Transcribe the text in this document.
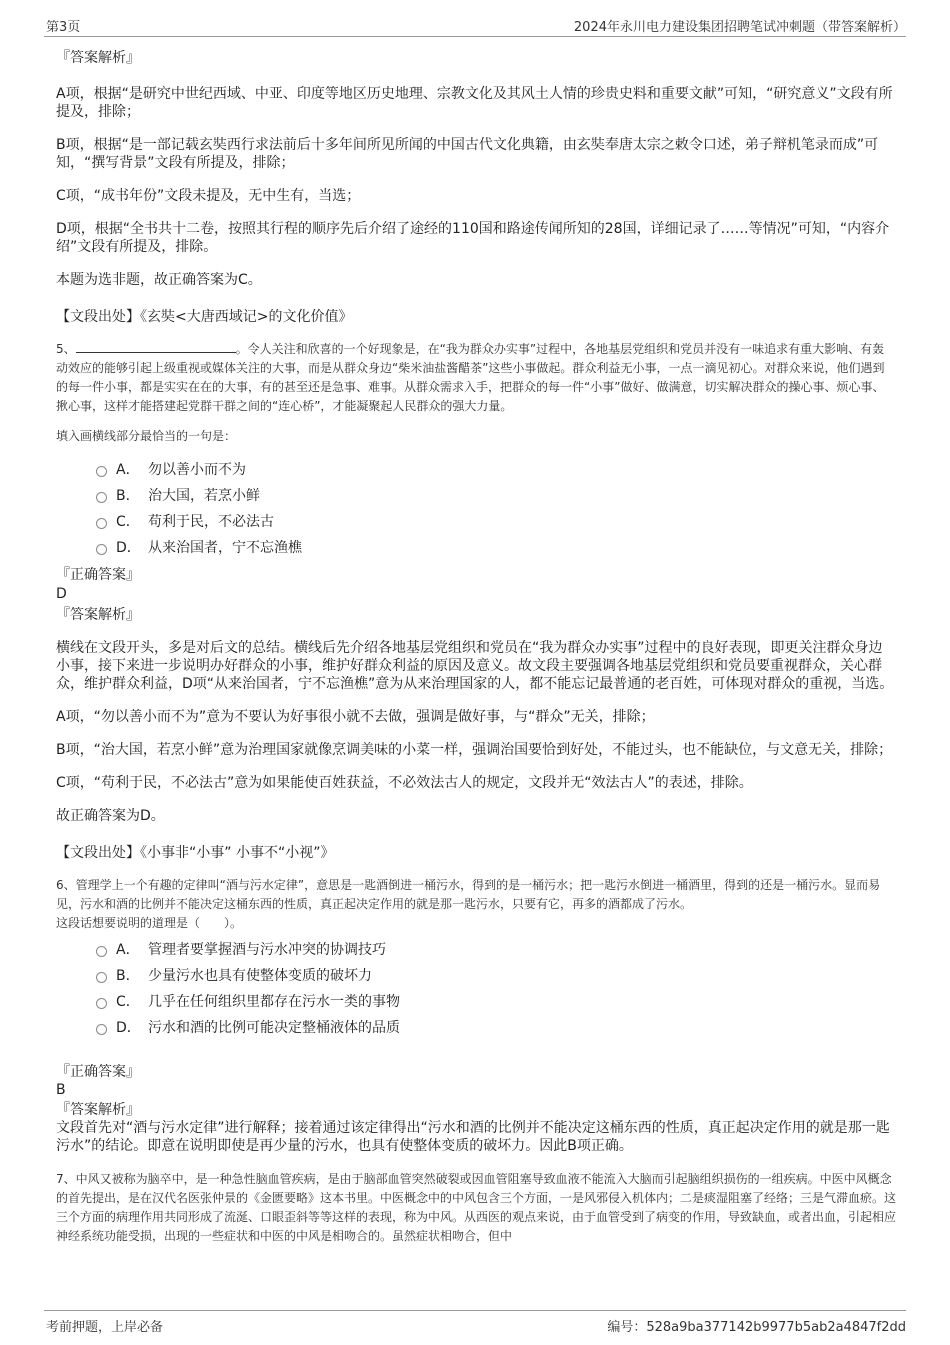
第3页	2024年永川电力建设集团招聘笔试冲刺题（带答案解析）

『答案解析』

A项，根据“是研究中世纪西域、中亚、印度等地区历史地理、宗教文化及其风土人情的珍贵史料和重要文献”可知，“研究意义”文段有所提及，排除；

B项，根据“是一部记载玄奘西行求法前后十多年间所见所闻的中国古代文化典籍，由玄奘奉唐太宗之敕令口述，弟子辩机笔录而成”可知，“撰写背景”文段有所提及，排除；

C项，“成书年份”文段未提及，无中生有，当选；

D项，根据“全书共十二卷，按照其行程的顺序先后介绍了途经的110国和路途传闻所知的28国，详细记录了……等情况”可知，“内容介绍”文段有所提及，排除。

本题为选非题，故正确答案为C。

【文段出处】《玄奘<大唐西域记>的文化价值》

5、	。令人关注和欣喜的一个好现象是，在“我为群众办实事”过程中，各地基层党组织和党员并没有一味追求有重大影响、有轰动效应的能够引起上级重视或媒体关注的大事，而是从群众身边“柴米油盐酱醋茶”这些小事做起。群众利益无小事，一点一滴见初心。对群众来说，他们遇到的每一件小事，都是实实在在的大事，有的甚至还是急事、难事。从群众需求入手，把群众的每一件“小事”做好、做满意，切实解决群众的操心事、烦心事、揪心事，这样才能搭建起党群干群之间的“连心桥”，才能凝聚起人民群众的强大力量。

填入画横线部分最恰当的一句是：

A． 勿以善小而不为
B． 治大国，若烹小鲜
C． 苟利于民，不必法古
D． 从来治国者，宁不忘渔樵

『正确答案』

D

『答案解析』

横线在文段开头，多是对后文的总结。横线后先介绍各地基层党组织和党员在“我为群众办实事”过程中的良好表现，即更关注群众身边小事，接下来进一步说明办好群众的小事，维护好群众利益的原因及意义。故文段主要强调各地基层党组织和党员要重视群众，关心群众，维护群众利益，D项“从来治国者，宁不忘渔樵”意为从来治理国家的人，都不能忘记最普通的老百姓，可体现对群众的重视，当选。

A项，“勿以善小而不为”意为不要认为好事很小就不去做，强调是做好事，与“群众”无关，排除；

B项，“治大国，若烹小鲜”意为治理国家就像烹调美味的小菜一样，强调治国要恰到好处，不能过头，也不能缺位，与文意无关，排除；

C项，“苟利于民，不必法古”意为如果能使百姓获益，不必效法古人的规定，文段并无“效法古人”的表述，排除。

故正确答案为D。

【文段出处】《小事非“小事” 小事不“小视”》

6、管理学上一个有趣的定律叫“酒与污水定律”，意思是一匙酒倒进一桶污水，得到的是一桶污水；把一匙污水倒进一桶酒里，得到的还是一桶污水。显而易见，污水和酒的比例并不能决定这桶东西的性质，真正起决定作用的就是那一匙污水，只要有它，再多的酒都成了污水。

这段话想要说明的道理是（　　）。

A． 管理者要掌握酒与污水冲突的协调技巧
B． 少量污水也具有使整体变质的破坏力
C． 几乎在任何组织里都存在污水一类的事物
D． 污水和酒的比例可能决定整桶液体的品质

『正确答案』

B

『答案解析』

文段首先对“酒与污水定律”进行解释；接着通过该定律得出“污水和酒的比例并不能决定这桶东西的性质，真正起决定作用的就是那一匙污水”的结论。即意在说明即使是再少量的污水，也具有使整体变质的破坏力。因此B项正确。

7、中风又被称为脑卒中，是一种急性脑血管疾病，是由于脑部血管突然破裂或因血管阻塞导致血液不能流入大脑而引起脑组织损伤的一组疾病。中医中风概念的首先提出，是在汉代名医张仲景的《金匮要略》这本书里。中医概念中的中风包含三个方面，一是风邪侵入机体内；二是痰湿阻塞了经络；三是气滞血瘀。这三个方面的病理作用共同形成了流涎、口眼歪斜等等这样的表现，称为中风。从西医的观点来说，由于血管受到了病变的作用，导致缺血，或者出血，引起相应神经系统功能受损，出现的一些症状和中医的中风是相吻合的。虽然症状相吻合，但中

考前押题，上岸必备	编号：528a9ba377142b9977b5ab2a4847f2dd
